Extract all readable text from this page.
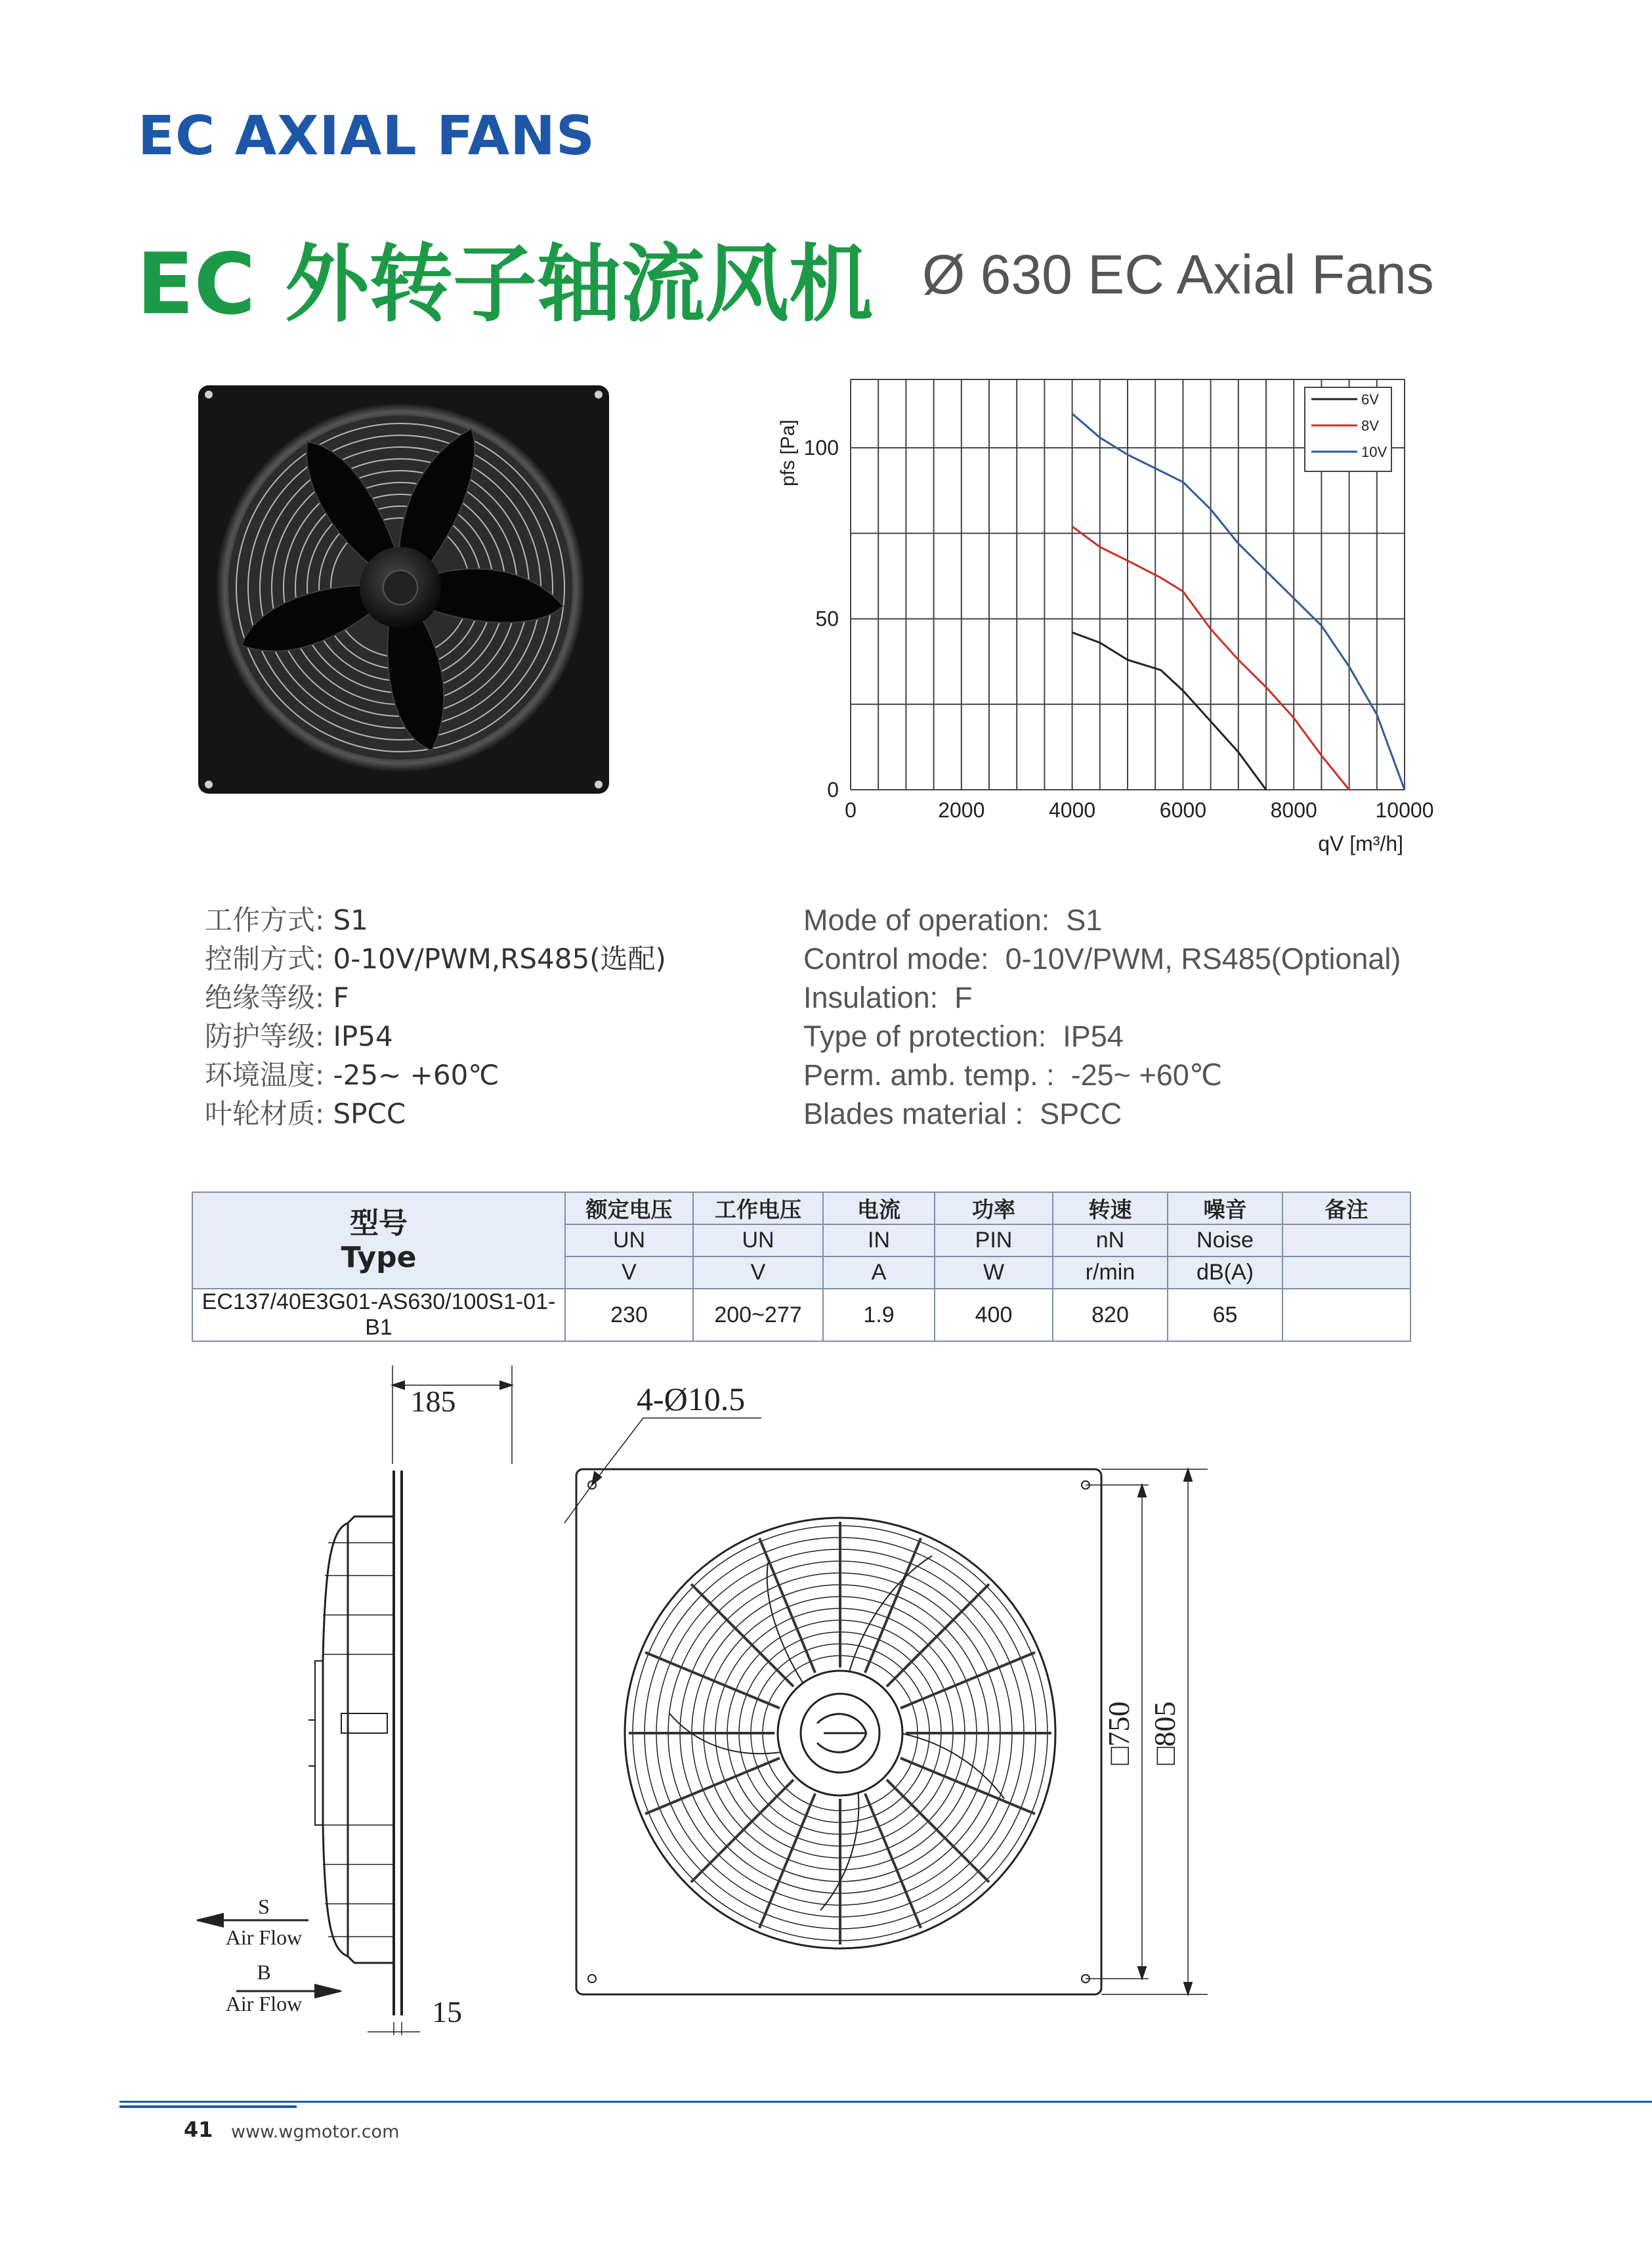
EC AXIAL FANS
EC 外转子轴流风机 Ø 630 EC Axial Fans
0	2000	4000	6000	8000	10000
0
50
100
pfs [Pa]
qV [m³/h]
6V
8V
10V
工作方式: S1
控制方式: 0-10V/PWM,RS485(选配)
绝缘等级: F
防护等级: IP54
环境温度: -25~ +60℃
叶轮材质: SPCC
Mode of operation: S1
Control mode: 0-10V/PWM, RS485(Optional)
Insulation: F
Type of protection: IP54
Perm. amb. temp. : -25~ +60℃
Blades material : SPCC
型号
Type	额定电压	工作电压	电流	功率	转速	噪音	备注
	UN	UN	IN	PIN	nN	Noise	
	V	V	A	W	r/min	dB(A)	
EC137/40E3G01-AS630/100S1-01-B1	230	200~277	1.9	400	820	65	
185
15
S
Air Flow
B
Air Flow
4-Ø10.5
□750 □805
41 www.wgmotor.com
